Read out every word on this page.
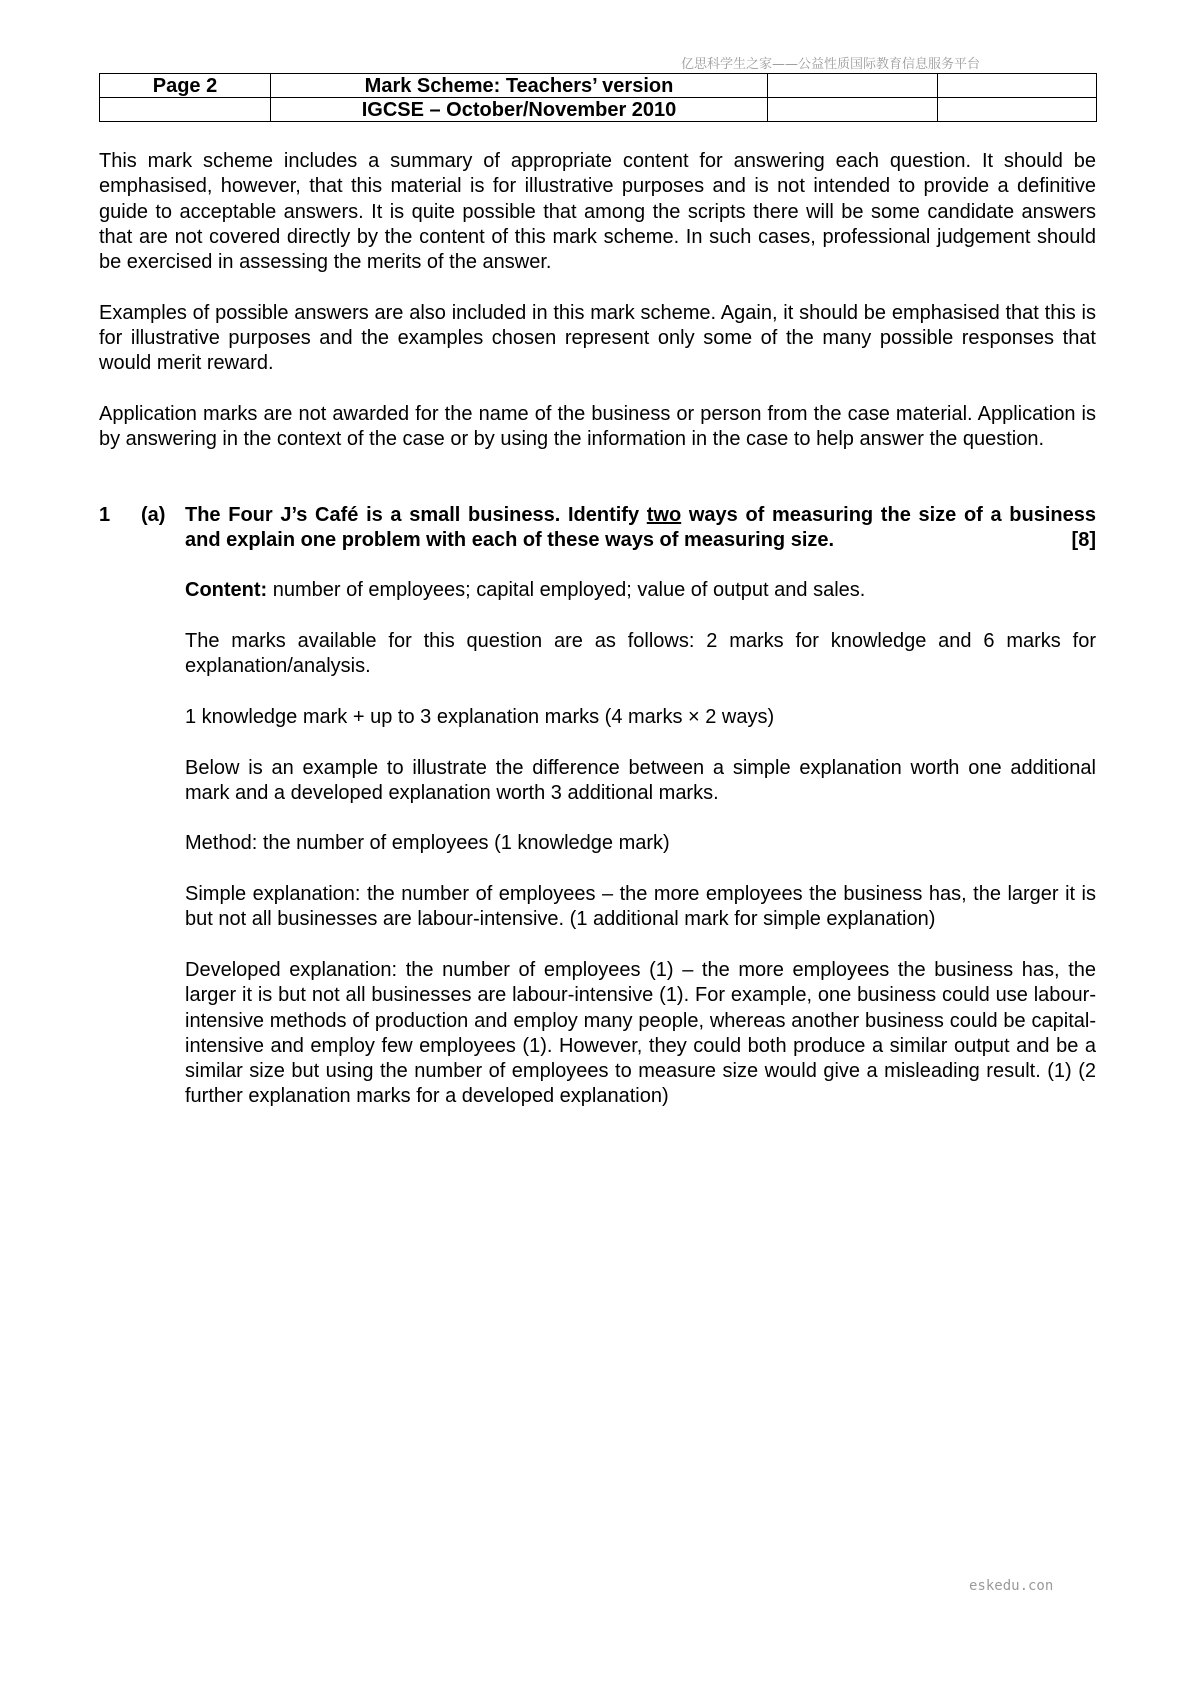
亿思科学生之家——公益性质国际教育信息服务平台
Page 2	Mark Scheme: Teachers’ version		
	IGCSE – October/November 2010		

This mark scheme includes a summary of appropriate content for answering each question. It should be emphasised, however, that this material is for illustrative purposes and is not intended to provide a definitive guide to acceptable answers. It is quite possible that among the scripts there will be some candidate answers that are not covered directly by the content of this mark scheme. In such cases, professional judgement should be exercised in assessing the merits of the answer.

Examples of possible answers are also included in this mark scheme. Again, it should be emphasised that this is for illustrative purposes and the examples chosen represent only some of the many possible responses that would merit reward.

Application marks are not awarded for the name of the business or person from the case material. Application is by answering in the context of the case or by using the information in the case to help answer the question.

1 (a) The Four J’s Café is a small business. Identify two ways of measuring the size of a business and explain one problem with each of these ways of measuring size.	[8]

Content: number of employees; capital employed; value of output and sales.

The marks available for this question are as follows: 2 marks for knowledge and 6 marks for explanation/analysis.

1 knowledge mark + up to 3 explanation marks (4 marks × 2 ways)

Below is an example to illustrate the difference between a simple explanation worth one additional mark and a developed explanation worth 3 additional marks.

Method: the number of employees (1 knowledge mark)

Simple explanation: the number of employees – the more employees the business has, the larger it is but not all businesses are labour-intensive. (1 additional mark for simple explanation)

Developed explanation: the number of employees (1) – the more employees the business has, the larger it is but not all businesses are labour-intensive (1). For example, one business could use labour-intensive methods of production and employ many people, whereas another business could be capital-intensive and employ few employees (1). However, they could both produce a similar output and be a similar size but using the number of employees to measure size would give a misleading result. (1) (2 further explanation marks for a developed explanation)

eskedu.con
